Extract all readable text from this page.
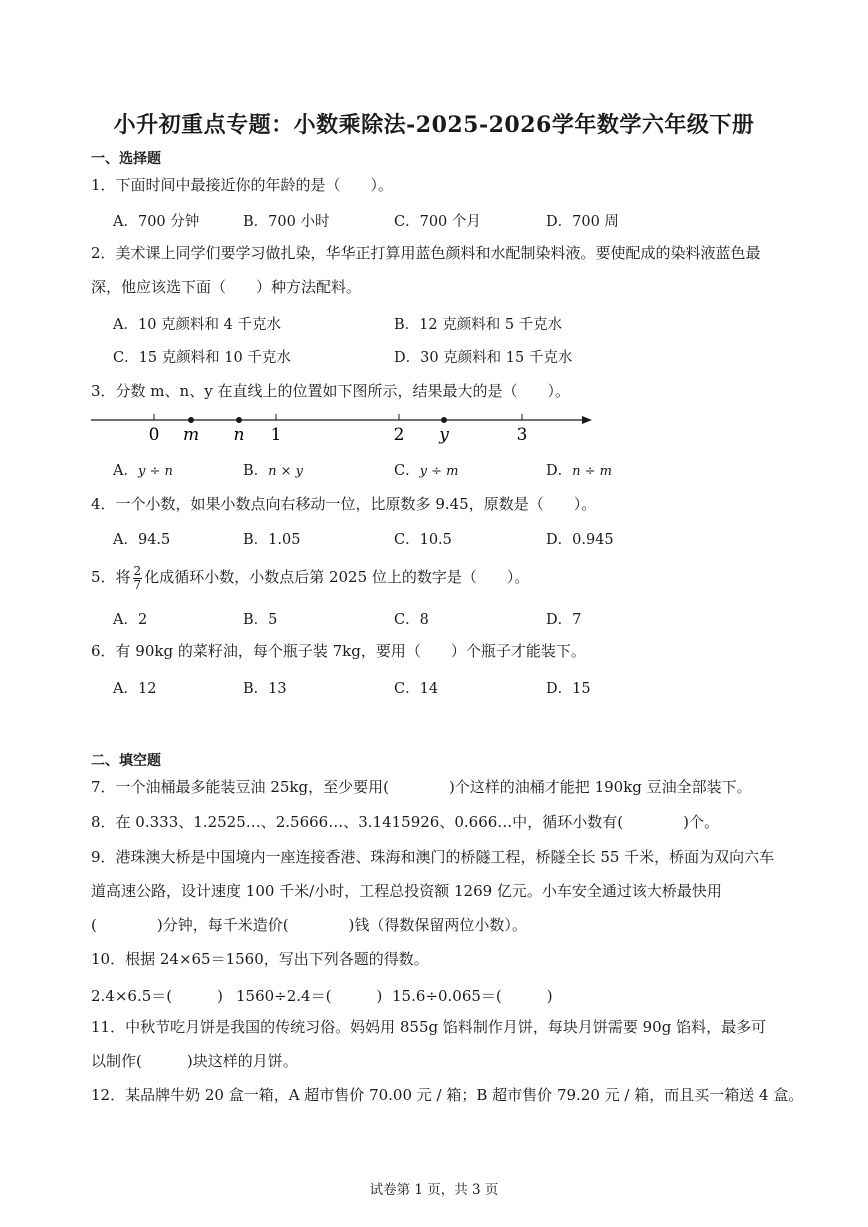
小升初重点专题：小数乘除法-2025-2026学年数学六年级下册
一、选择题
1．下面时间中最接近你的年龄的是（　　）。
A．700 分钟	B．700 小时	C．700 个月	D．700 周
2．美术课上同学们要学习做扎染，华华正打算用蓝色颜料和水配制染料液。要使配成的染料液蓝色最深，他应该选下面（　　）种方法配料。
A．10 克颜料和 4 千克水	B．12 克颜料和 5 千克水
C．15 克颜料和 10 千克水	D．30 克颜料和 15 千克水
3．分数 m、n、y 在直线上的位置如下图所示，结果最大的是（　　）。
0	1	2	3
m n	y
A．y ÷ n	B．n × y	C．y ÷ m	D．n ÷ m
4．一个小数，如果小数点向右移动一位，比原数多 9.45，原数是（　　）。
A．94.5	B．1.05	C．10.5	D．0.945
5．将 $\frac{2}{7}$ 化成循环小数，小数点后第 2025 位上的数字是（　　）。
A．2	B．5	C．8	D．7
6．有 90kg 的菜籽油，每个瓶子装 7kg，要用（　　）个瓶子才能装下。
A．12	B．13	C．14	D．15
二、填空题
7．一个油桶最多能装豆油 25kg，至少要用(　　　　)个这样的油桶才能把 190kg 豆油全部装下。
8．在 0.333、1.2525…、2.5666…、3.1415926、0.666…中，循环小数有(　　　　)个。
9．港珠澳大桥是中国境内一座连接香港、珠海和澳门的桥隧工程，桥隧全长 55 千米，桥面为双向六车道高速公路，设计速度 100 千米/小时，工程总投资额 1269 亿元。小车安全通过该大桥最快用(　　　　)分钟，每千米造价(　　　　)钱（得数保留两位小数）。
10．根据 24×65＝1560，写出下列各题的得数。
2.4×6.5＝(　　　) 1560÷2.4＝(　　　) 15.6÷0.065＝(　　　)
11．中秋节吃月饼是我国的传统习俗。妈妈用 855g 馅料制作月饼，每块月饼需要 90g 馅料，最多可以制作(　　　)块这样的月饼。
12．某品牌牛奶 20 盒一箱，A 超市售价 70.00 元 / 箱；B 超市售价 79.20 元 / 箱，而且买一箱送 4 盒。
试卷第 1 页，共 3 页
